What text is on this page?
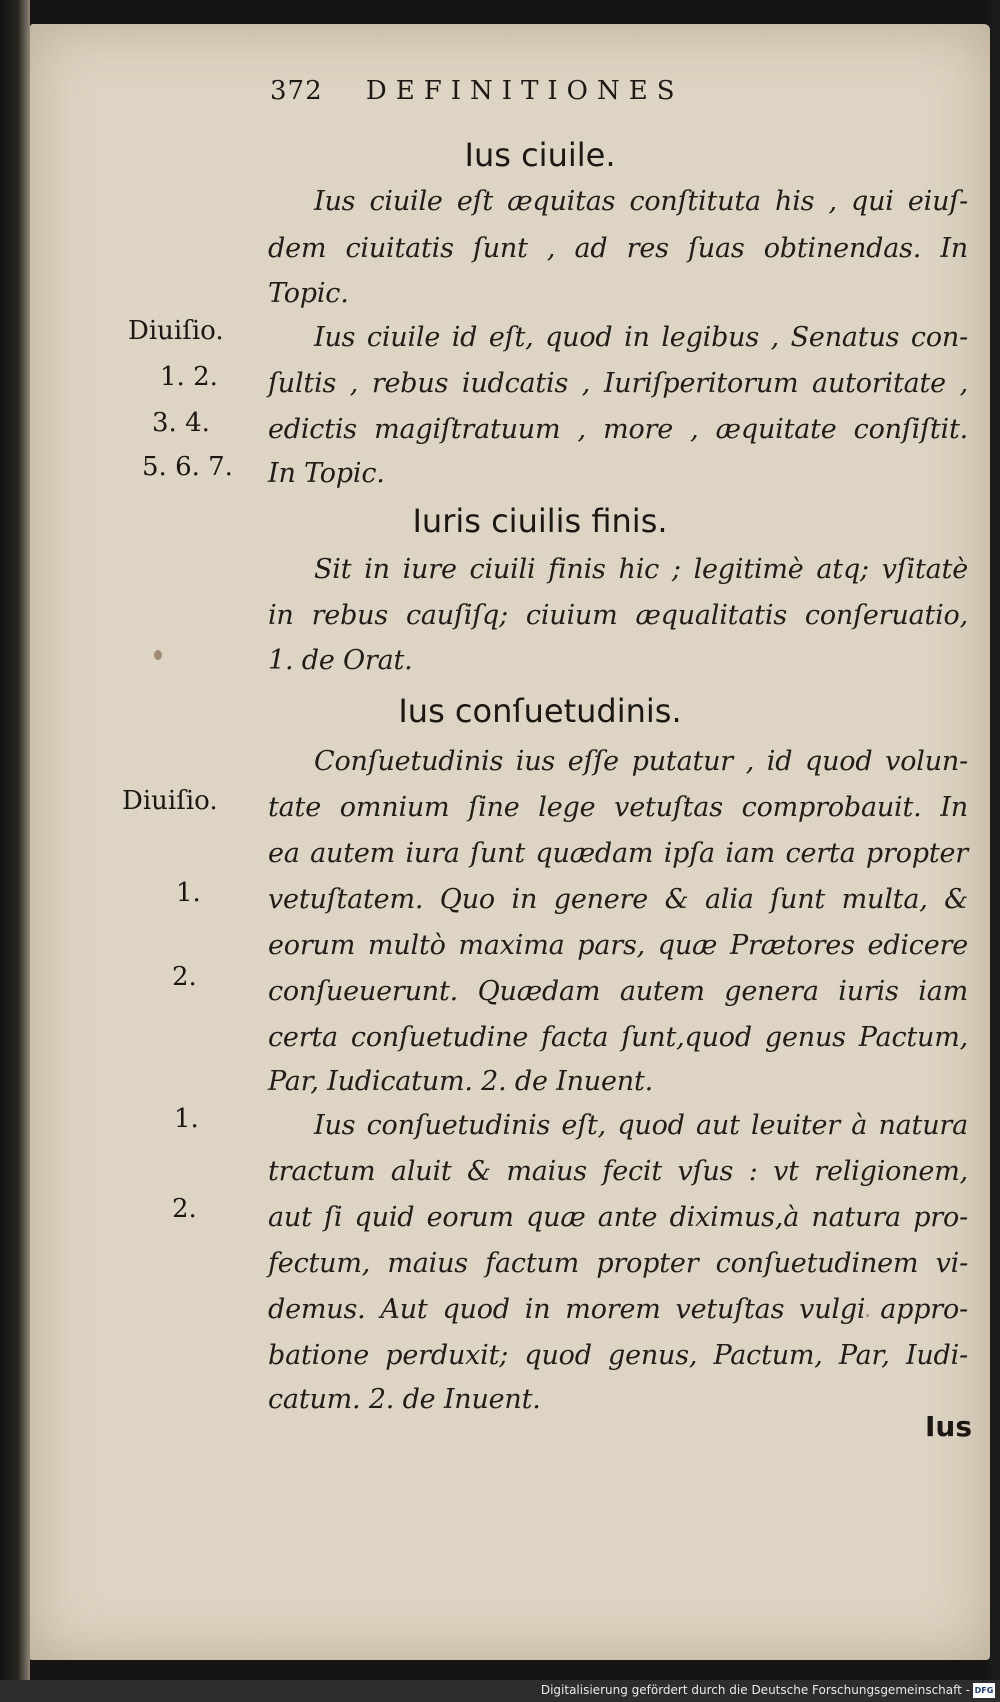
372 DEFINITIONES
Ius ciuile.
Ius ciuile eſt æquitas conſtituta his , qui eiuſ-
dem ciuitatis ſunt , ad res ſuas obtinendas. In
Topic.
Ius ciuile id eſt, quod in legibus , Senatus con-
ſultis , rebus iudcatis , Iuriſperitorum autoritate ,
edictis magiſtratuum , more , æquitate conſiſtit.
In Topic.
Diuiſio.
1. 2.
3. 4.
5. 6. 7.
Iuris ciuilis finis.
Sit in iure ciuili finis hic ; legitimè atq; vſitatè
in rebus cauſiſq; ciuium æqualitatis conſeruatio,
1. de Orat.
Ius conſuetudinis.
Conſuetudinis ius eſſe putatur , id quod volun-
tate omnium ſine lege vetuſtas comprobauit. In
ea autem iura ſunt quædam ipſa iam certa propter
vetuſtatem. Quo in genere & alia ſunt multa, &
eorum multò maxima pars, quæ Prætores edicere
conſueuerunt. Quædam autem genera iuris iam
certa conſuetudine facta ſunt,quod genus Pactum,
Par, Iudicatum. 2. de Inuent.
Ius conſuetudinis eſt, quod aut leuiter à natura
tractum aluit & maius fecit vſus : vt religionem,
aut ſi quid eorum quæ ante diximus,à natura pro-
fectum, maius factum propter conſuetudinem vi-
demus. Aut quod in morem vetuſtas vulgi appro-
batione perduxit; quod genus, Pactum, Par, Iudi-
catum. 2. de Inuent.
Diuiſio.
1.
2.
1.
2.
Ius
Digitalisierung gefördert durch die Deutsche Forschungsgemeinschaft - DFG
